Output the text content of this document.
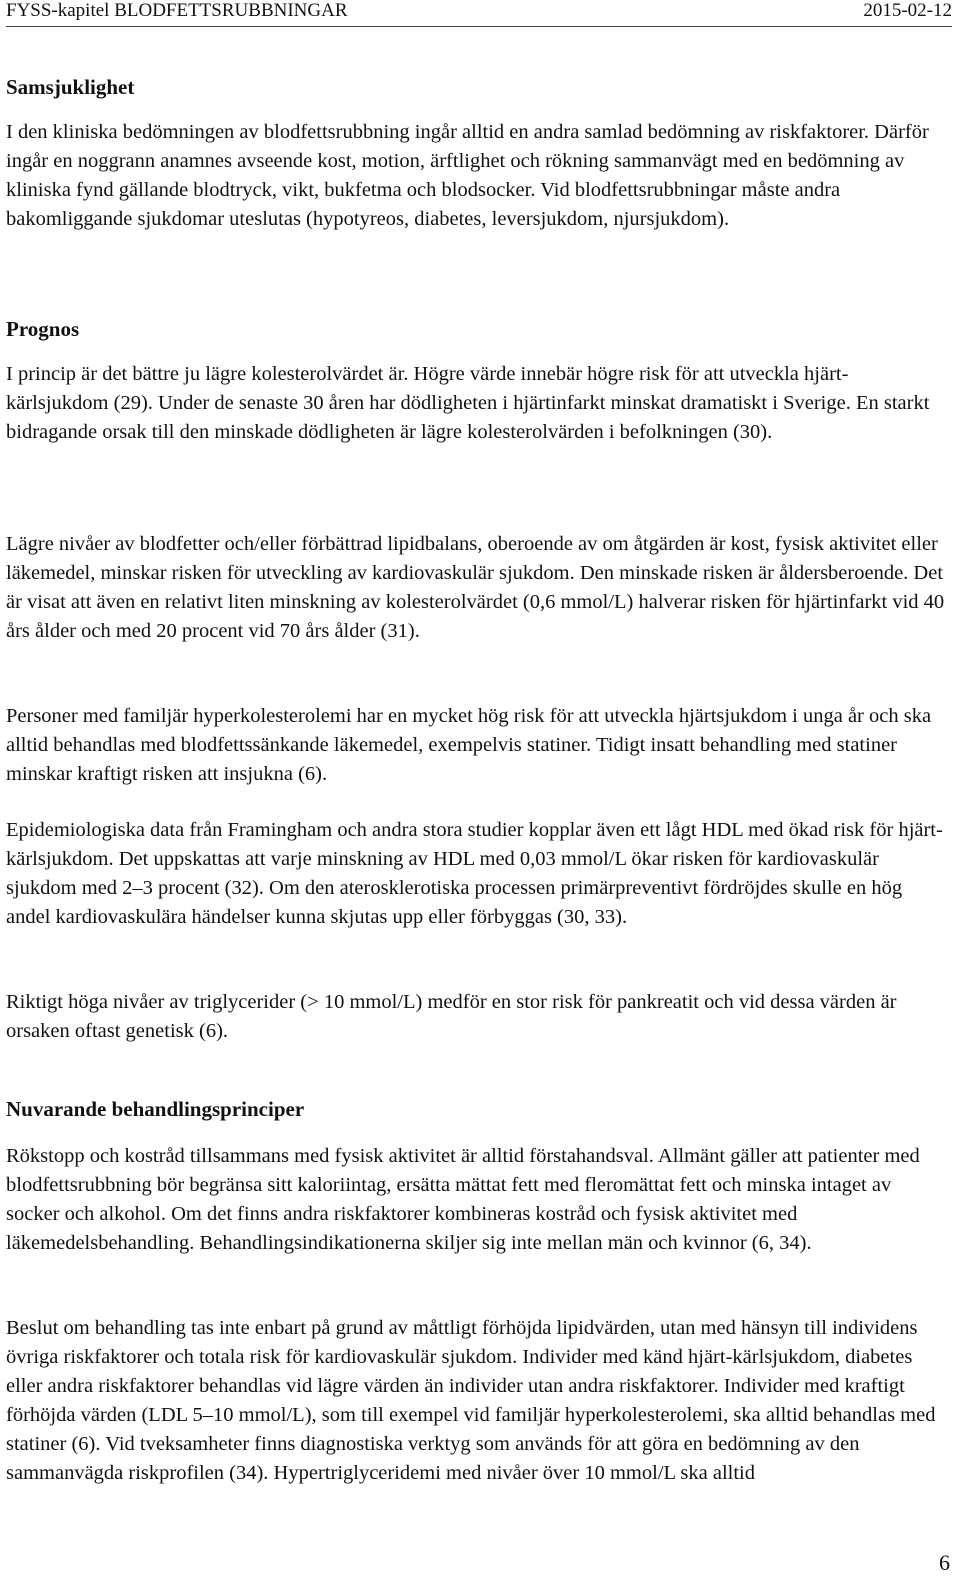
FYSS-kapitel BLODFETTSRUBBNINGAR	2015-02-12
Samsjuklighet

I den kliniska bedömningen av blodfettsrubbning ingår alltid en andra samlad bedömning av riskfaktorer. Därför ingår en noggrann anamnes avseende kost, motion, ärftlighet och rökning sammanvägt med en bedömning av kliniska fynd gällande blodtryck, vikt, bukfetma och blodsocker. Vid blodfettsrubbningar måste andra bakomliggande sjukdomar uteslutas (hypotyreos, diabetes, leversjukdom, njursjukdom).

Prognos

I princip är det bättre ju lägre kolesterolvärdet är. Högre värde innebär högre risk för att utveckla hjärt-kärlsjukdom (29). Under de senaste 30 åren har dödligheten i hjärtinfarkt minskat dramatiskt i Sverige. En starkt bidragande orsak till den minskade dödligheten är lägre kolesterolvärden i befolkningen (30).

Lägre nivåer av blodfetter och/eller förbättrad lipidbalans, oberoende av om åtgärden är kost, fysisk aktivitet eller läkemedel, minskar risken för utveckling av kardiovaskulär sjukdom. Den minskade risken är åldersberoende. Det är visat att även en relativt liten minskning av kolesterolvärdet (0,6 mmol/L) halverar risken för hjärtinfarkt vid 40 års ålder och med 20 procent vid 70 års ålder (31).

Personer med familjär hyperkolesterolemi har en mycket hög risk för att utveckla hjärtsjukdom i unga år och ska alltid behandlas med blodfettssänkande läkemedel, exempelvis statiner. Tidigt insatt behandling med statiner minskar kraftigt risken att insjukna (6).

Epidemiologiska data från Framingham och andra stora studier kopplar även ett lågt HDL med ökad risk för hjärt-kärlsjukdom. Det uppskattas att varje minskning av HDL med 0,03 mmol/L ökar risken för kardiovaskulär sjukdom med 2–3 procent (32). Om den aterosklerotiska processen primärpreventivt fördröjdes skulle en hög andel kardiovaskulära händelser kunna skjutas upp eller förbyggas (30, 33).

Riktigt höga nivåer av triglycerider (> 10 mmol/L) medför en stor risk för pankreatit och vid dessa värden är orsaken oftast genetisk (6).

Nuvarande behandlingsprinciper

Rökstopp och kostråd tillsammans med fysisk aktivitet är alltid förstahandsval. Allmänt gäller att patienter med blodfettsrubbning bör begränsa sitt kaloriintag, ersätta mättat fett med fleromättat fett och minska intaget av socker och alkohol. Om det finns andra riskfaktorer kombineras kostråd och fysisk aktivitet med läkemedelsbehandling. Behandlingsindikationerna skiljer sig inte mellan män och kvinnor (6, 34).

Beslut om behandling tas inte enbart på grund av måttligt förhöjda lipidvärden, utan med hänsyn till individens övriga riskfaktorer och totala risk för kardiovaskulär sjukdom. Individer med känd hjärt-kärlsjukdom, diabetes eller andra riskfaktorer behandlas vid lägre värden än individer utan andra riskfaktorer. Individer med kraftigt förhöjda värden (LDL 5–10 mmol/L), som till exempel vid familjär hyperkolesterolemi, ska alltid behandlas med statiner (6). Vid tveksamheter finns diagnostiska verktyg som används för att göra en bedömning av den sammanvägda riskprofilen (34). Hypertriglyceridemi med nivåer över 10 mmol/L ska alltid

6
